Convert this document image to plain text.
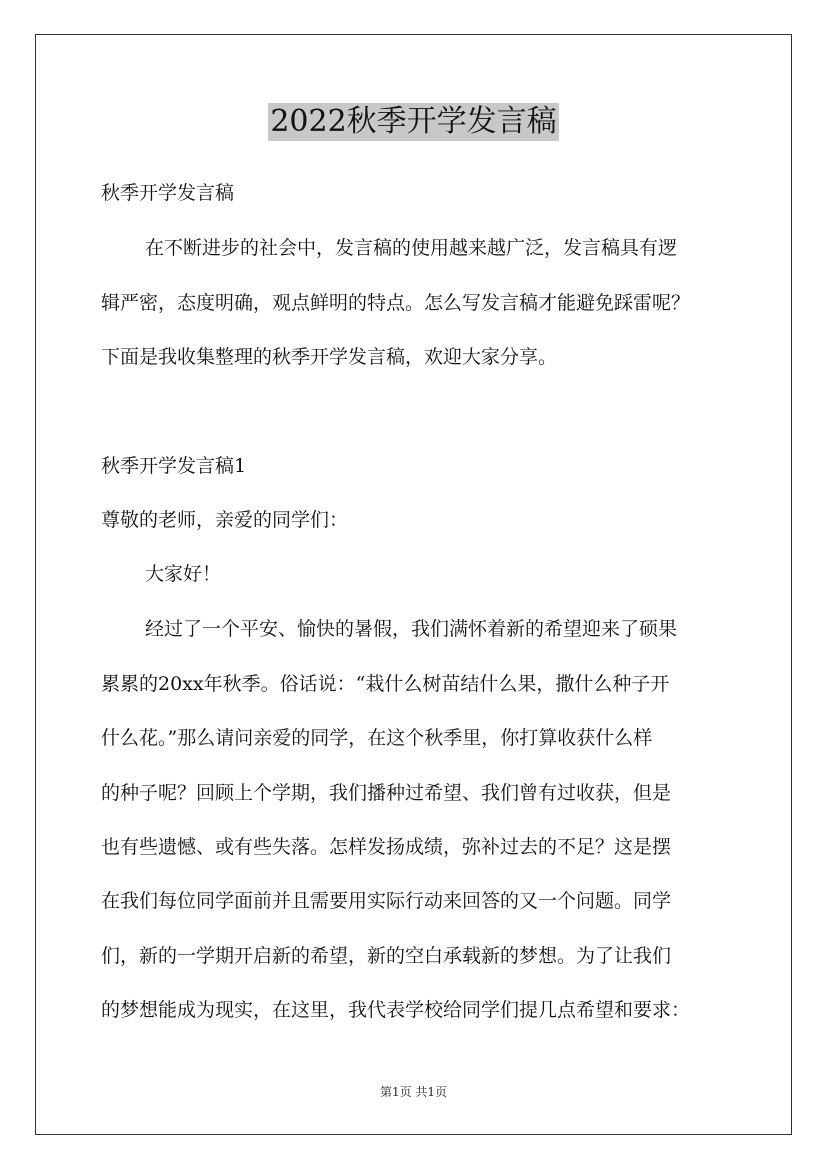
2022秋季开学发言稿
秋季开学发言稿
在不断进步的社会中，发言稿的使用越来越广泛，发言稿具有逻
辑严密，态度明确，观点鲜明的特点。怎么写发言稿才能避免踩雷呢？
下面是我收集整理的秋季开学发言稿，欢迎大家分享。
秋季开学发言稿1
尊敬的老师，亲爱的同学们：
大家好！
经过了一个平安、愉快的暑假，我们满怀着新的希望迎来了硕果
累累的20xx年秋季。俗话说：“栽什么树苗结什么果，撒什么种子开
什么花。”那么请问亲爱的同学，在这个秋季里，你打算收获什么样
的种子呢？回顾上个学期，我们播种过希望、我们曾有过收获，但是
也有些遗憾、或有些失落。怎样发扬成绩，弥补过去的不足？这是摆
在我们每位同学面前并且需要用实际行动来回答的又一个问题。同学
们，新的一学期开启新的希望，新的空白承载新的梦想。为了让我们
的梦想能成为现实，在这里，我代表学校给同学们提几点希望和要求：
第1页 共1页
